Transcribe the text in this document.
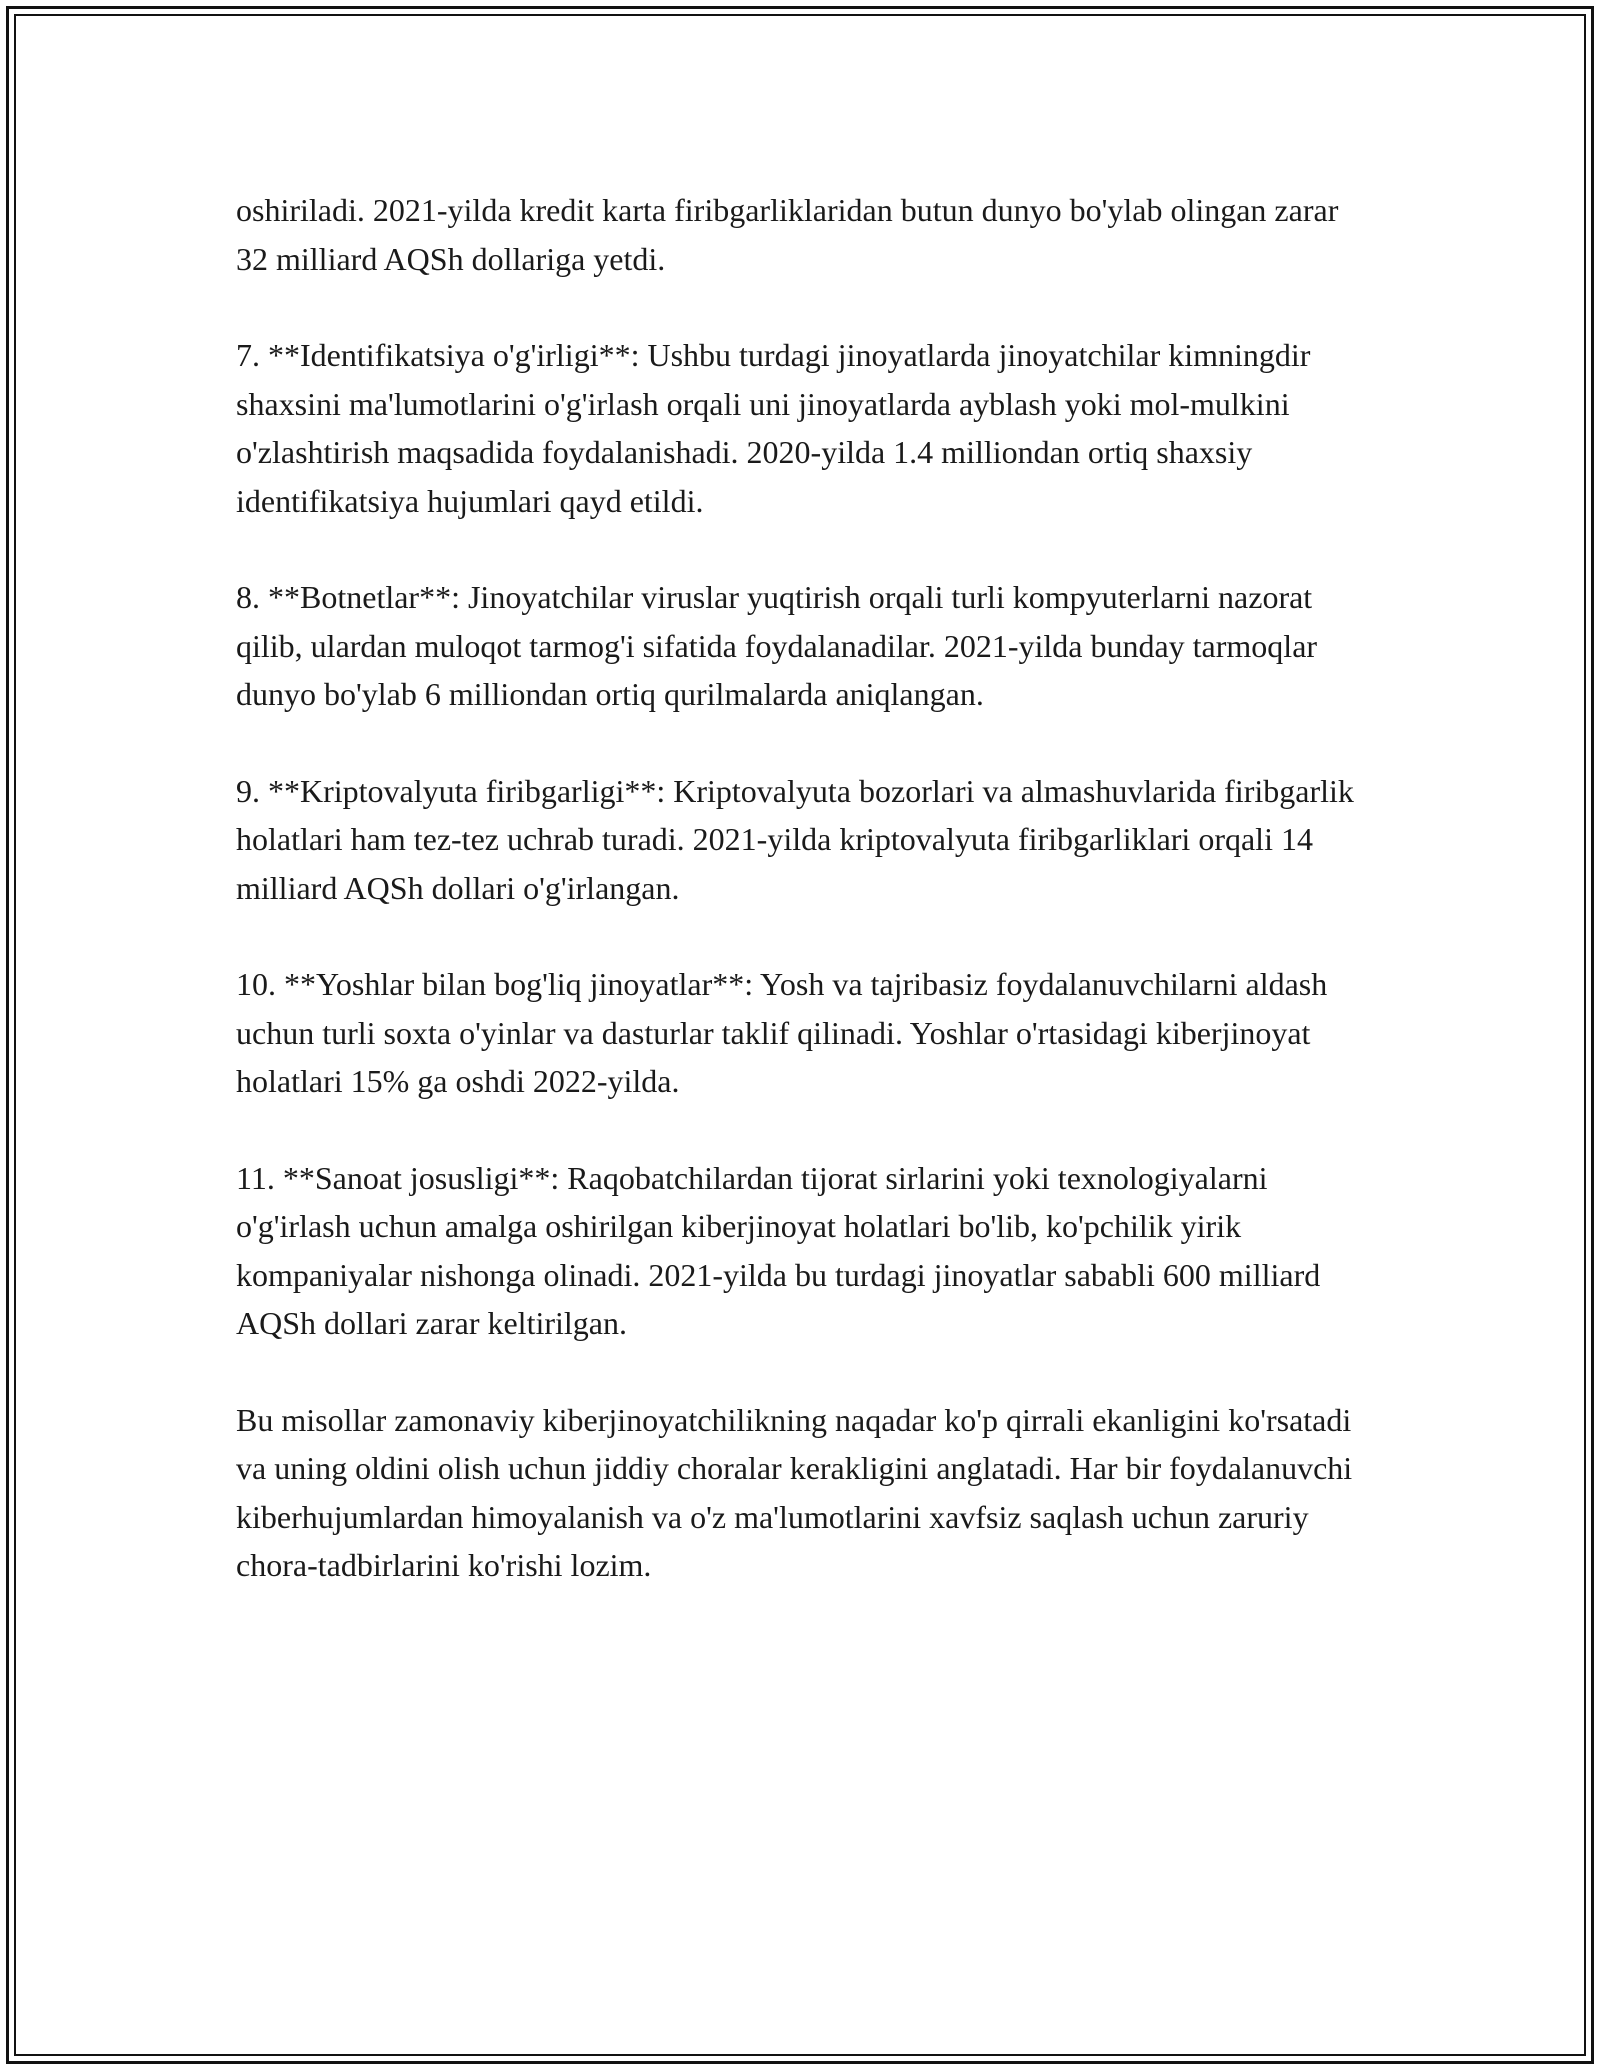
oshiriladi. 2021-yilda kredit karta firibgarliklaridan butun dunyo bo'ylab olingan zarar 32 milliard AQSh dollariga yetdi.

7. **Identifikatsiya o'g'irligi**: Ushbu turdagi jinoyatlarda jinoyatchilar kimningdir shaxsini ma'lumotlarini o'g'irlash orqali uni jinoyatlarda ayblash yoki mol-mulkini o'zlashtirish maqsadida foydalanishadi. 2020-yilda 1.4 milliondan ortiq shaxsiy identifikatsiya hujumlari qayd etildi.

8. **Botnetlar**: Jinoyatchilar viruslar yuqtirish orqali turli kompyuterlarni nazorat qilib, ulardan muloqot tarmog'i sifatida foydalanadilar. 2021-yilda bunday tarmoqlar dunyo bo'ylab 6 milliondan ortiq qurilmalarda aniqlangan.

9. **Kriptovalyuta firibgarligi**: Kriptovalyuta bozorlari va almashuvlarida firibgarlik holatlari ham tez-tez uchrab turadi. 2021-yilda kriptovalyuta firibgarliklari orqali 14 milliard AQSh dollari o'g'irlangan.

10. **Yoshlar bilan bog'liq jinoyatlar**: Yosh va tajribasiz foydalanuvchilarni aldash uchun turli soxta o'yinlar va dasturlar taklif qilinadi. Yoshlar o'rtasidagi kiberjinoyat holatlari 15% ga oshdi 2022-yilda.

11. **Sanoat josusligi**: Raqobatchilardan tijorat sirlarini yoki texnologiyalarni o'g'irlash uchun amalga oshirilgan kiberjinoyat holatlari bo'lib, ko'pchilik yirik kompaniyalar nishonga olinadi. 2021-yilda bu turdagi jinoyatlar sababli 600 milliard AQSh dollari zarar keltirilgan.

Bu misollar zamonaviy kiberjinoyatchilikning naqadar ko'p qirrali ekanligini ko'rsatadi va uning oldini olish uchun jiddiy choralar kerakligini anglatadi. Har bir foydalanuvchi kiberhujumlardan himoyalanish va o'z ma'lumotlarini xavfsiz saqlash uchun zaruriy chora-tadbirlarini ko'rishi lozim.
